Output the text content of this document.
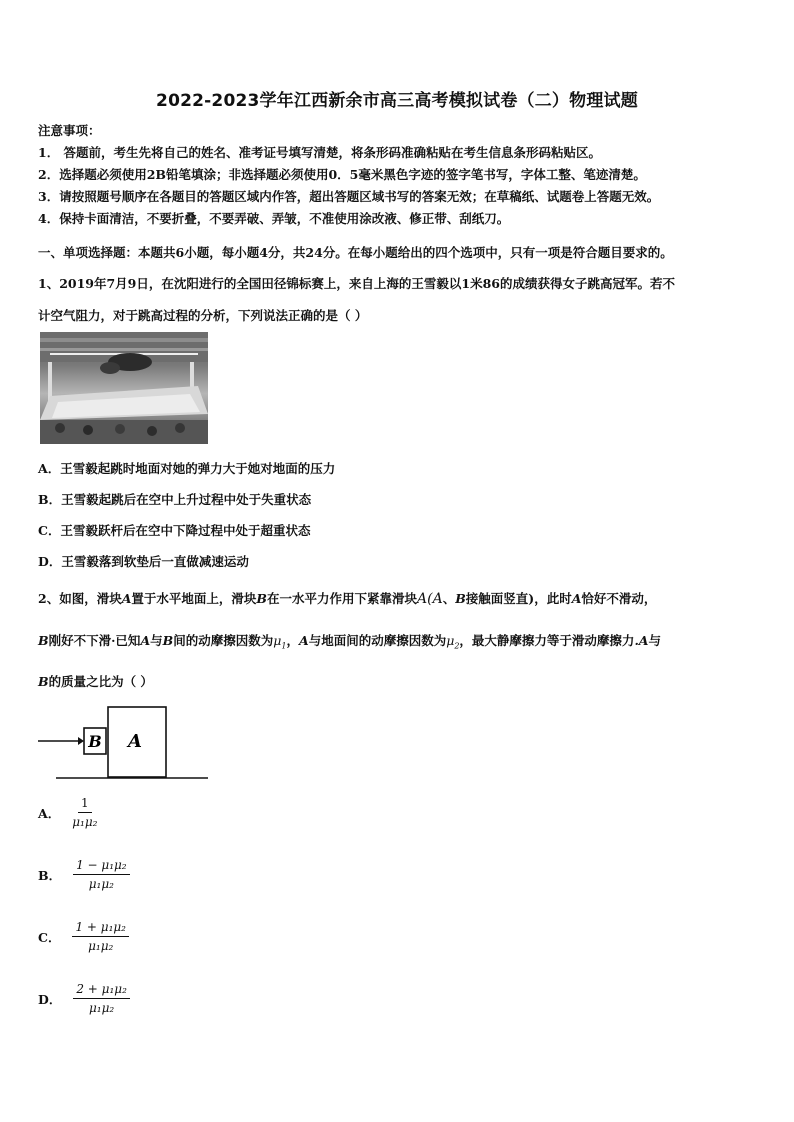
2022-2023学年江西新余市高三高考模拟试卷（二）物理试题
注意事项：
1． 答题前，考生先将自己的姓名、准考证号填写清楚，将条形码准确粘贴在考生信息条形码粘贴区。
2．选择题必须使用2B铅笔填涂；非选择题必须使用0．5毫米黑色字迹的签字笔书写，字体工整、笔迹清楚。
3．请按照题号顺序在各题目的答题区域内作答，超出答题区域书写的答案无效；在草稿纸、试题卷上答题无效。
4．保持卡面清洁，不要折叠，不要弄破、弄皱，不准使用涂改液、修正带、刮纸刀。
一、单项选择题：本题共6小题，每小题4分，共24分。在每小题给出的四个选项中，只有一项是符合题目要求的。
1、2019年7月9日，在沈阳进行的全国田径锦标赛上，来自上海的王雪毅以1米86的成绩获得女子跳高冠军。若不
计空气阻力，对于跳高过程的分析，下列说法正确的是（ ）
A．王雪毅起跳时地面对她的弹力大于她对地面的压力
B．王雪毅起跳后在空中上升过程中处于失重状态
C．王雪毅跃杆后在空中下降过程中处于超重状态
D．王雪毅落到软垫后一直做减速运动
2、如图，滑块A置于水平地面上，滑块B在一水平力作用下紧靠滑块A(A、B接触面竖直)，此时A恰好不滑动，
B刚好不下滑·已知A与B间的动摩擦因数为$\mu_1$，A与地面间的动摩擦因数为$\mu_2$，最大静摩擦力等于滑动摩擦力.A与
B的质量之比为（ ）
B A
A． $\frac{1}{\text{μ₁μ₂}}$
B． $\frac{\text{1 − μ₁μ₂}}{\text{μ₁μ₂}}$
C． $\frac{\text{1 + μ₁μ₂}}{\text{μ₁μ₂}}$
D． $\frac{\text{2 + μ₁μ₂}}{\text{μ₁μ₂}}$
